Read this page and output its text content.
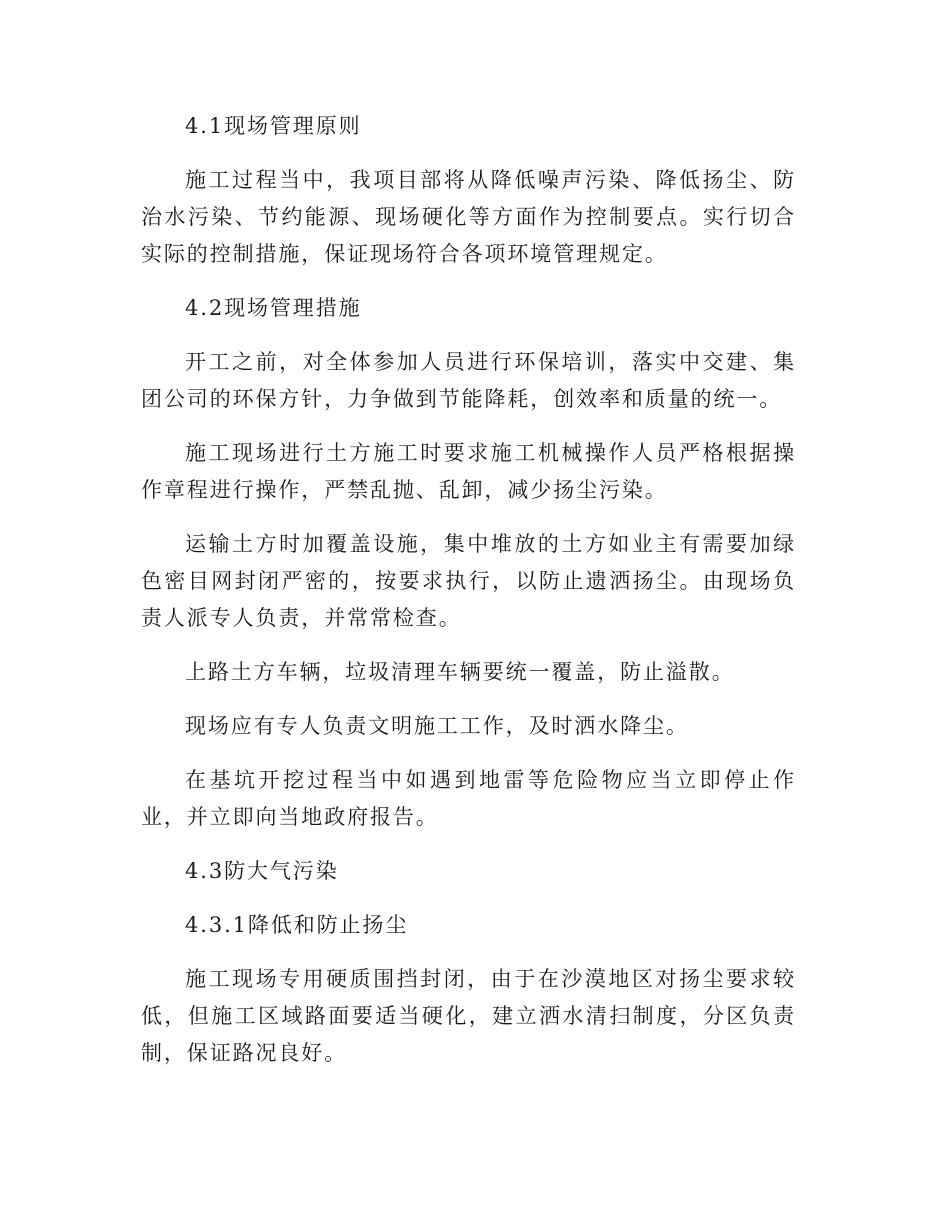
4.1现场管理原则

施工过程当中，我项目部将从降低噪声污染、降低扬尘、防治水污染、节约能源、现场硬化等方面作为控制要点。实行切合实际的控制措施，保证现场符合各项环境管理规定。

4.2现场管理措施

开工之前，对全体参加人员进行环保培训，落实中交建、集团公司的环保方针，力争做到节能降耗，创效率和质量的统一。

施工现场进行土方施工时要求施工机械操作人员严格根据操作章程进行操作，严禁乱抛、乱卸，减少扬尘污染。

运输土方时加覆盖设施，集中堆放的土方如业主有需要加绿色密目网封闭严密的，按要求执行，以防止遗洒扬尘。由现场负责人派专人负责，并常常检查。

上路土方车辆，垃圾清理车辆要统一覆盖，防止溢散。

现场应有专人负责文明施工工作，及时洒水降尘。

在基坑开挖过程当中如遇到地雷等危险物应当立即停止作业，并立即向当地政府报告。

4.3防大气污染

4.3.1降低和防止扬尘

施工现场专用硬质围挡封闭，由于在沙漠地区对扬尘要求较低，但施工区域路面要适当硬化，建立洒水清扫制度，分区负责制，保证路况良好。
